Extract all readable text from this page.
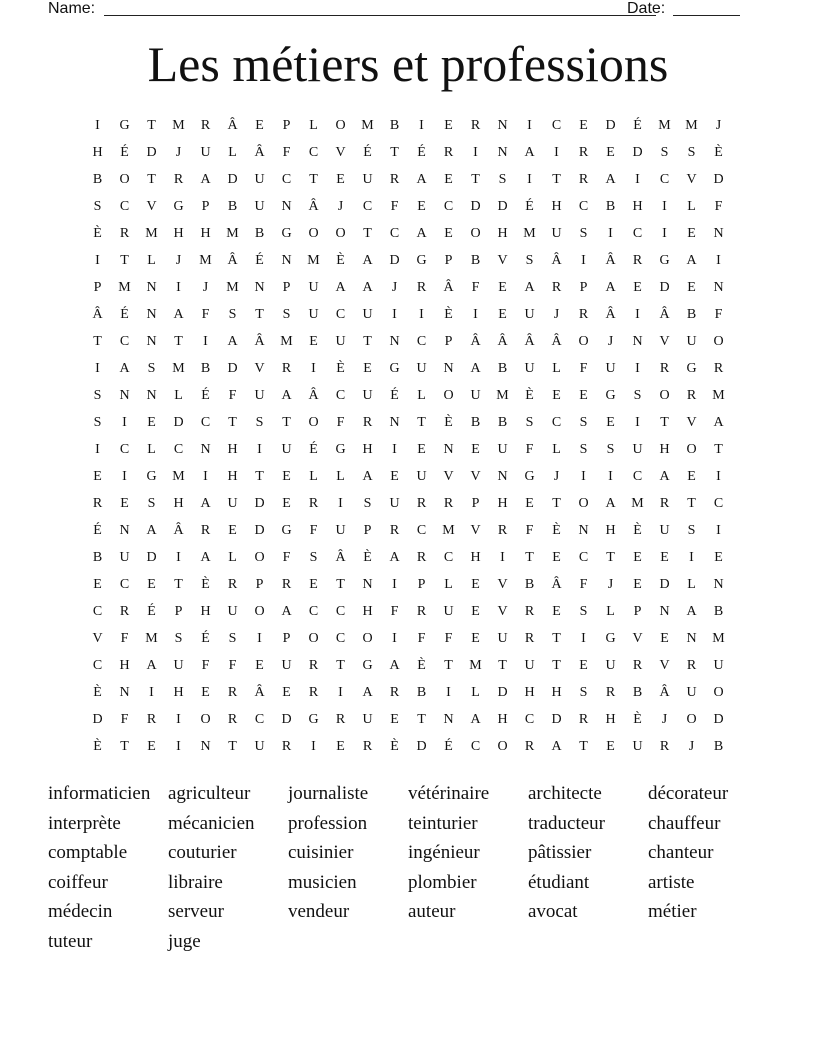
Name:	Date:
Les métiers et professions
I	G	T	M	R	Â	E	P	L	O	M	B	I	E	R	N	I	C	E	D	É	M	M	J
H	É	D	J	U	L	Â	F	C	V	É	T	É	R	I	N	A	I	R	E	D	S	S	È
B	O	T	R	A	D	U	C	T	E	U	R	A	E	T	S	I	T	R	A	I	C	V	D
S	C	V	G	P	B	U	N	Â	J	C	F	E	C	D	D	É	H	C	B	H	I	L	F
È	R	M	H	H	M	B	G	O	O	T	C	A	E	O	H	M	U	S	I	C	I	E	N
I	T	L	J	M	Â	É	N	M	È	A	D	G	P	B	V	S	Â	I	Â	R	G	A	I
P	M	N	I	J	M	N	P	U	A	A	J	R	Â	F	E	A	R	P	A	E	D	E	N
Â	É	N	A	F	S	T	S	U	C	U	I	I	È	I	E	U	J	R	Â	I	Â	B	F
T	C	N	T	I	A	Â	M	E	U	T	N	C	P	Â	Â	Â	Â	O	J	N	V	U	O
I	A	S	M	B	D	V	R	I	È	E	G	U	N	A	B	U	L	F	U	I	R	G	R
S	N	N	L	É	F	U	A	Â	C	U	É	L	O	U	M	È	E	E	G	S	O	R	M
S	I	E	D	C	T	S	T	O	F	R	N	T	È	B	B	S	C	S	E	I	T	V	A
I	C	L	C	N	H	I	U	É	G	H	I	E	N	E	U	F	L	S	S	U	H	O	T
E	I	G	M	I	H	T	E	L	L	A	E	U	V	V	N	G	J	I	I	C	A	E	I
R	E	S	H	A	U	D	E	R	I	S	U	R	R	P	H	E	T	O	A	M	R	T	C
É	N	A	Â	R	E	D	G	F	U	P	R	C	M	V	R	F	È	N	H	È	U	S	I
B	U	D	I	A	L	O	F	S	Â	È	A	R	C	H	I	T	E	C	T	E	E	I	E
E	C	E	T	È	R	P	R	E	T	N	I	P	L	E	V	B	Â	F	J	E	D	L	N
C	R	É	P	H	U	O	A	C	C	H	F	R	U	E	V	R	E	S	L	P	N	A	B
V	F	M	S	É	S	I	P	O	C	O	I	F	F	E	U	R	T	I	G	V	E	N	M
C	H	A	U	F	F	E	U	R	T	G	A	È	T	M	T	U	T	E	U	R	V	R	U
È	N	I	H	E	R	Â	E	R	I	A	R	B	I	L	D	H	H	S	R	B	Â	U	O
D	F	R	I	O	R	C	D	G	R	U	E	T	N	A	H	C	D	R	H	È	J	O	D
È	T	E	I	N	T	U	R	I	E	R	È	D	É	C	O	R	A	T	E	U	R	J	B
informaticien agriculteur	journaliste	vétérinaire	architecte	décorateur
interprète	mécanicien	profession	teinturier	traducteur	chauffeur
comptable	couturier	cuisinier	ingénieur	pâtissier	chanteur
coiffeur	libraire	musicien	plombier	étudiant	artiste
médecin	serveur	vendeur	auteur	avocat	métier
tuteur	juge
